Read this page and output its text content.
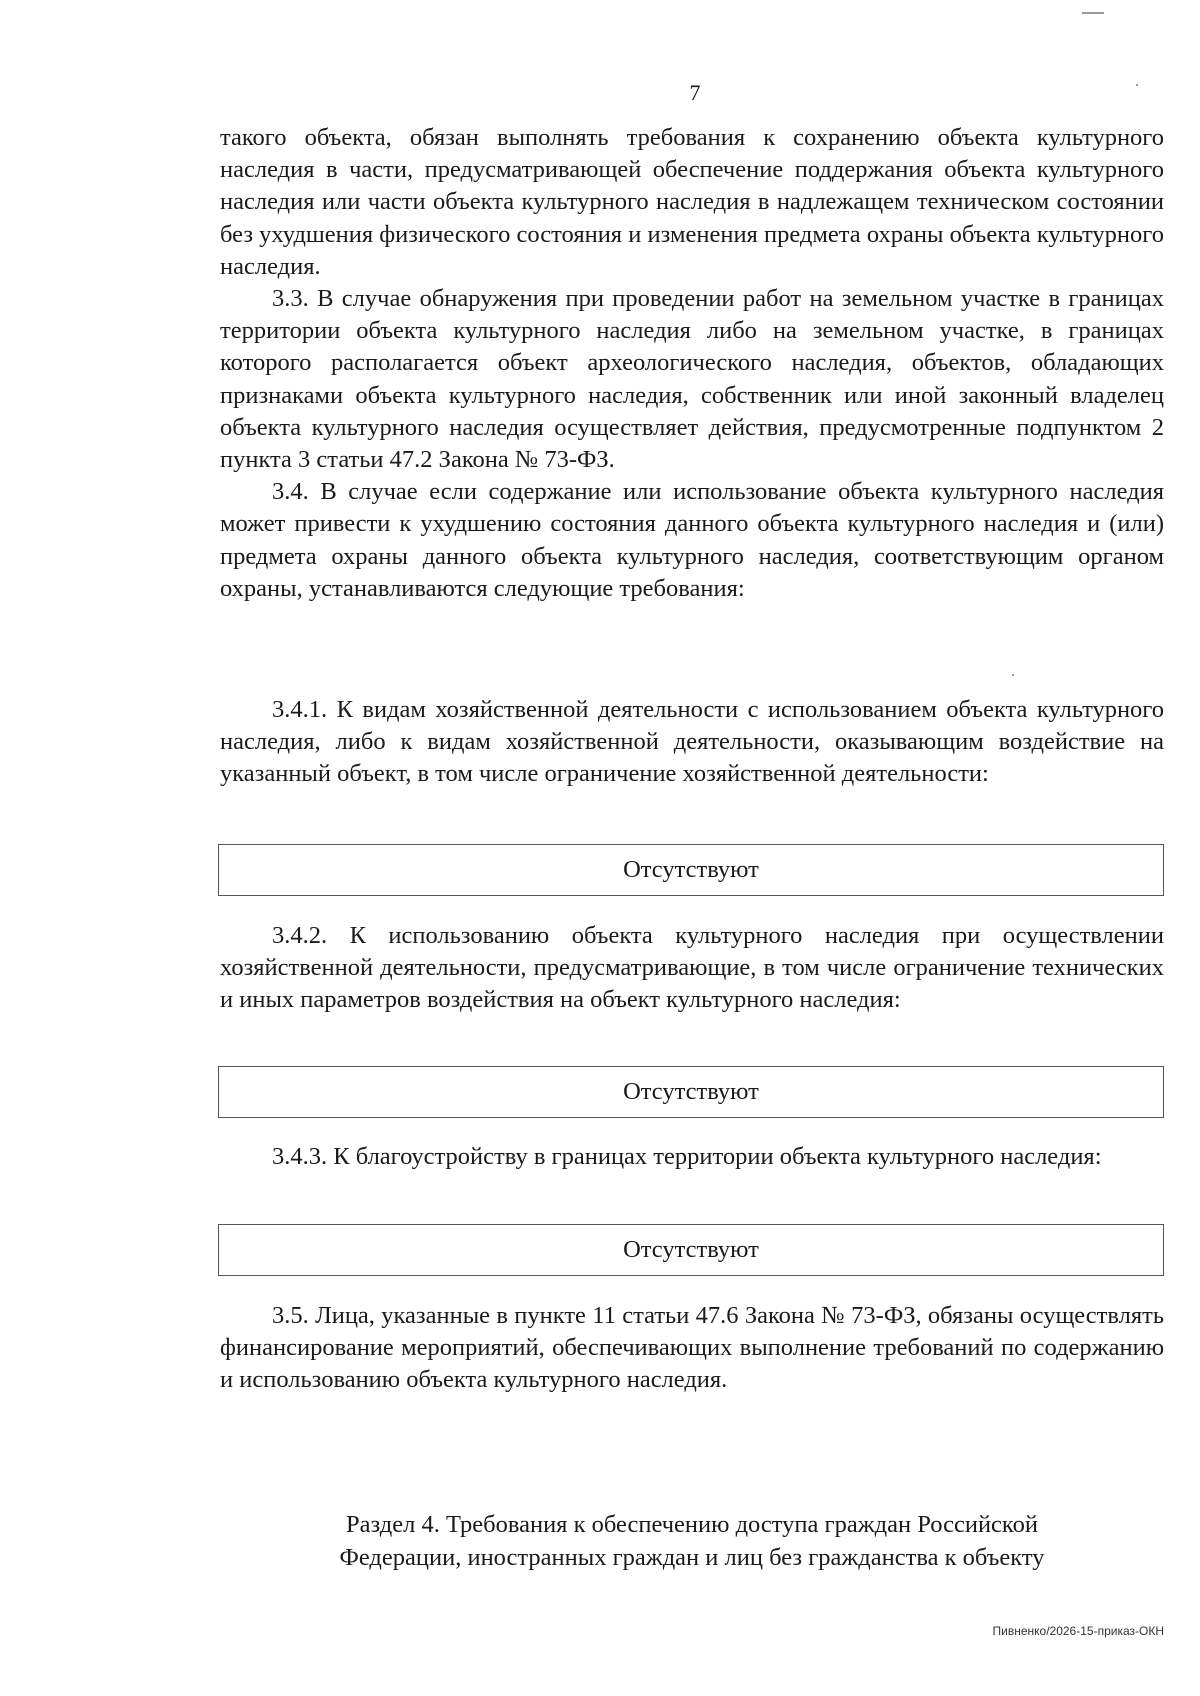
7

такого объекта, обязан выполнять требования к сохранению объекта культурного наследия в части, предусматривающей обеспечение поддержания объекта культурного наследия или части объекта культурного наследия в надлежащем техническом состоянии без ухудшения физического состояния и изменения предмета охраны объекта культурного наследия.

3.3. В случае обнаружения при проведении работ на земельном участке в границах территории объекта культурного наследия либо на земельном участке, в границах которого располагается объект археологического наследия, объектов, обладающих признаками объекта культурного наследия, собственник или иной законный владелец объекта культурного наследия осуществляет действия, предусмотренные подпунктом 2 пункта 3 статьи 47.2 Закона № 73-ФЗ.

3.4. В случае если содержание или использование объекта культурного наследия может привести к ухудшению состояния данного объекта культурного наследия и (или) предмета охраны данного объекта культурного наследия, соответствующим органом охраны, устанавливаются следующие требования:

3.4.1. К видам хозяйственной деятельности с использованием объекта культурного наследия, либо к видам хозяйственной деятельности, оказывающим воздействие на указанный объект, в том числе ограничение хозяйственной деятельности:

Отсутствуют

3.4.2. К использованию объекта культурного наследия при осуществлении хозяйственной деятельности, предусматривающие, в том числе ограничение технических и иных параметров воздействия на объект культурного наследия:

Отсутствуют

3.4.3. К благоустройству в границах территории объекта культурного наследия:

Отсутствуют

3.5. Лица, указанные в пункте 11 статьи 47.6 Закона № 73-ФЗ, обязаны осуществлять финансирование мероприятий, обеспечивающих выполнение требований по содержанию и использованию объекта культурного наследия.

Раздел 4. Требования к обеспечению доступа граждан Российской
Федерации, иностранных граждан и лиц без гражданства к объекту
Пивненко/2026-15-приказ-ОКН
